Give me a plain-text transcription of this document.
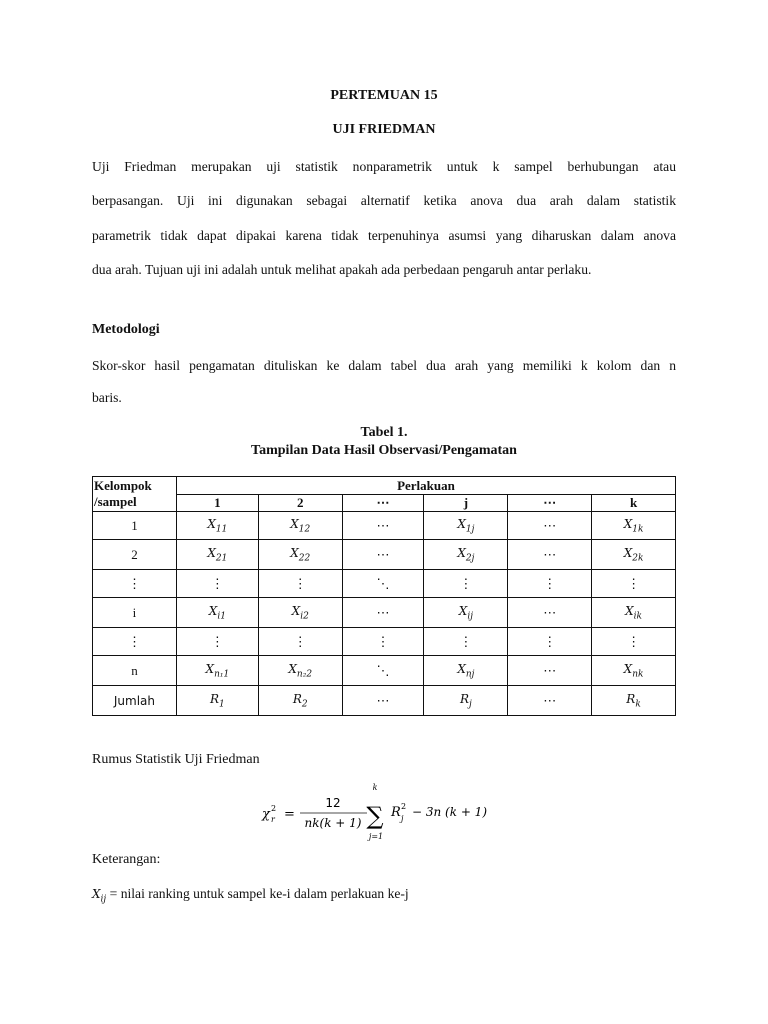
PERTEMUAN 15
UJI FRIEDMAN
Uji Friedman merupakan uji statistik nonparametrik untuk k sampel berhubungan atau
berpasangan. Uji ini digunakan sebagai alternatif ketika anova dua arah dalam statistik
parametrik tidak dapat dipakai karena tidak terpenuhinya asumsi yang diharuskan dalam anova
dua arah. Tujuan uji ini adalah untuk melihat apakah ada perbedaan pengaruh antar perlaku.
Metodologi
Skor-skor hasil pengamatan dituliskan ke dalam tabel dua arah yang memiliki k kolom dan n
baris.
Tabel 1.
Tampilan Data Hasil Observasi/Pengamatan
Kelompok /sampel	Perlakuan					
	1	2	⋯	j	⋯	k
1	$X_{11}$	$X_{12}$	⋯	$X_{1j}$	⋯	$X_{1k}$
2	$X_{21}$	$X_{22}$	⋯	$X_{2j}$	⋯	$X_{2k}$
⋮	⋮	⋮	⋱	⋮	⋮	⋮
i	$X_{i1}$	$X_{i2}$	⋯	$X_{ij}$	⋯	$X_{ik}$
⋮	⋮	⋮	⋮	⋮	⋮	⋮
n	$X_{n_11}$	$X_{n_22}$	⋱	$X_{nj}$	⋯	$X_{nk}$
Jumlah	$R_1$	$R_2$	⋯	$R_j$	⋯	$R_k$
Rumus Statistik Uji Friedman
χ 2
r =
12
nk(k + 1)
k
∑
j=1
R 2
j − 3n (k + 1)
Keterangan:
$X_{ij}$ = nilai ranking untuk sampel ke-i dalam perlakuan ke-j
